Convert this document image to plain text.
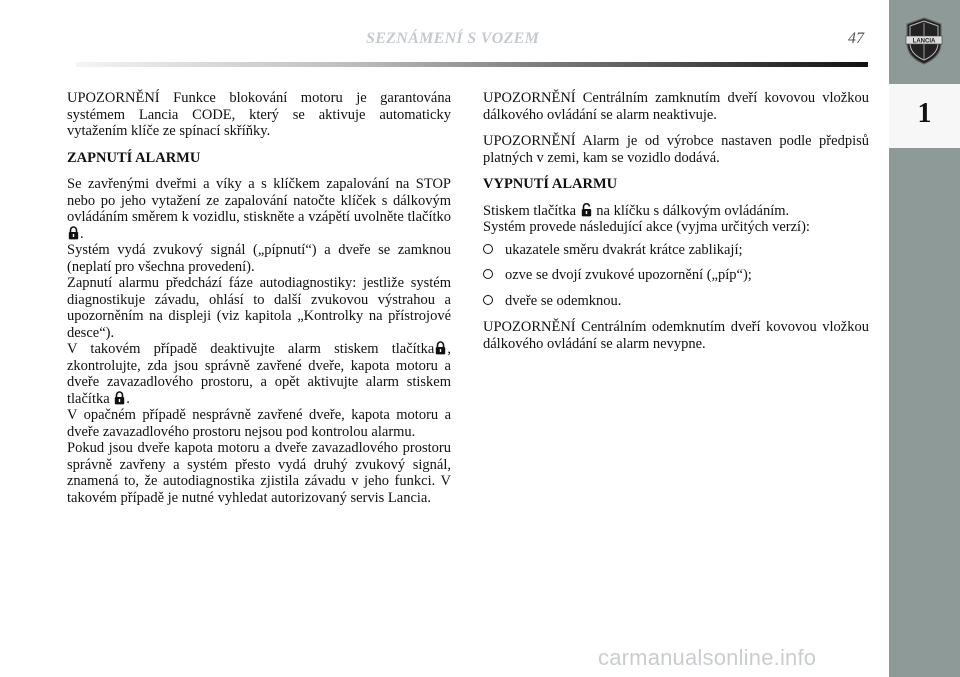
SEZNÁMENÍ S VOZEM	47	LANCIA
1

UPOZORNĚNÍ Funkce blokování motoru je garantována systémem Lancia CODE, který se aktivuje automaticky vytažením klíče ze spínací skříňky.

ZAPNUTÍ ALARMU

Se zavřenými dveřmi a víky a s klíčkem zapalování na STOP nebo po jeho vytažení ze zapalování natočte klíček s dálkovým ovládáním směrem k vozidlu, stiskněte a vzápětí uvolněte tlačítko .

Systém vydá zvukový signál („pípnutí“) a dveře se zamknou (neplatí pro všechna provedení).

Zapnutí alarmu předchází fáze autodiagnostiky: jestliže systém diagnostikuje závadu, ohlásí to další zvukovou výstrahou a upozorněním na displeji (viz kapitola „Kontrolky na přístrojové desce“).

V takovém případě deaktivujte alarm stiskem tlačítka , zkontrolujte, zda jsou správně zavřené dveře, kapota motoru a dveře zavazadlového prostoru, a opět aktivujte alarm stiskem tlačítka .

V opačném případě nesprávně zavřené dveře, kapota motoru a dveře zavazadlového prostoru nejsou pod kontrolou alarmu.

Pokud jsou dveře kapota motoru a dveře zavazadlového prostoru správně zavřeny a systém přesto vydá druhý zvukový signál, znamená to, že autodiagnostika zjistila závadu v jeho funkci. V takovém případě je nutné vyhledat autorizovaný servis Lancia.

UPOZORNĚNÍ Centrálním zamknutím dveří kovovou vložkou dálkového ovládání se alarm neaktivuje.

UPOZORNĚNÍ Alarm je od výrobce nastaven podle předpisů platných v zemi, kam se vozidlo dodává.

VYPNUTÍ ALARMU

Stiskem tlačítka na klíčku s dálkovým ovládáním.

Systém provede následující akce (vyjma určitých verzí):

ukazatele směru dvakrát krátce zablikají;
ozve se dvojí zvukové upozornění („píp“);
dveře se odemknou.

UPOZORNĚNÍ Centrálním odemknutím dveří kovovou vložkou dálkového ovládání se alarm nevypne.

carmanualsonline.info
